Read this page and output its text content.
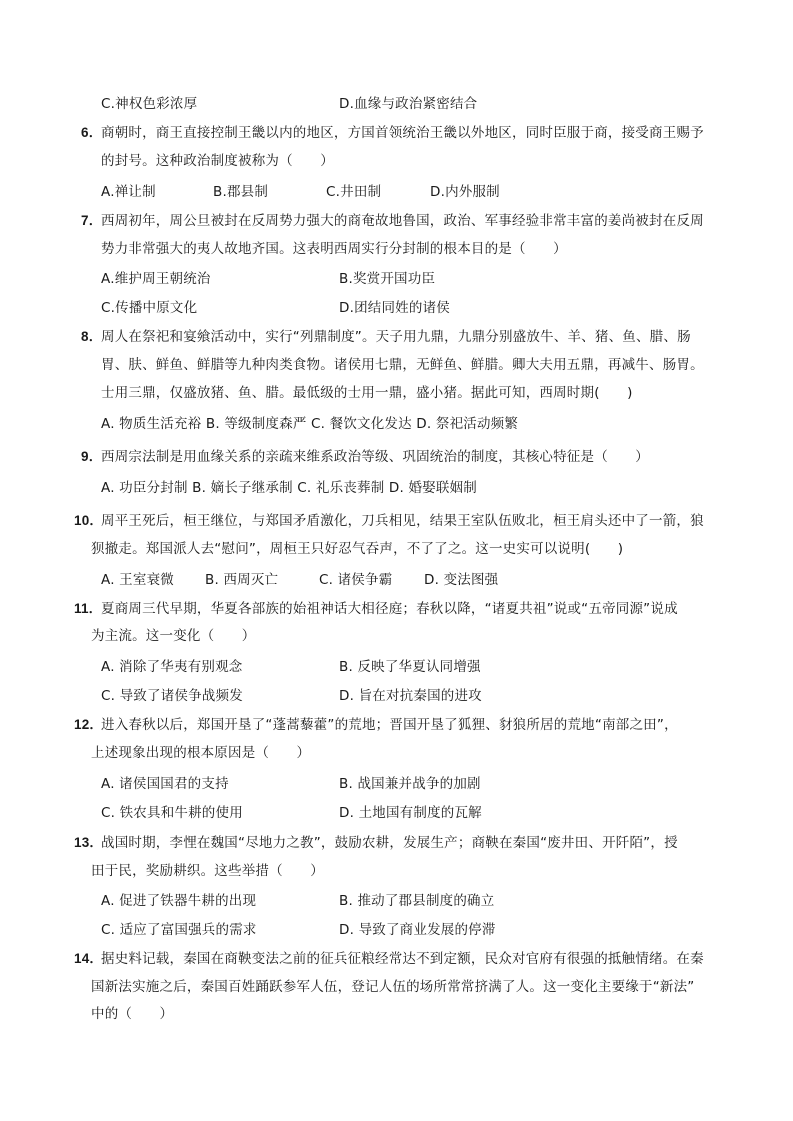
C.神权色彩浓厚	D.血缘与政治紧密结合
6．
商朝时，商王直接控制王畿以内的地区，方国首领统治王畿以外地区，同时臣服于商，接受商王赐予
的封号。这种政治制度被称为（　　）
A.禅让制	B.郡县制	C.井田制	D.内外服制
7．
西周初年，周公旦被封在反周势力强大的商奄故地鲁国，政治、军事经验非常丰富的姜尚被封在反周
势力非常强大的夷人故地齐国。这表明西周实行分封制的根本目的是（　　）
A.维护周王朝统治	B.奖赏开国功臣
C.传播中原文化	D.团结同姓的诸侯
8．
周人在祭祀和宴飨活动中，实行“列鼎制度”。天子用九鼎，九鼎分别盛放牛、羊、猪、鱼、腊、肠
胃、肤、鲜鱼、鲜腊等九种肉类食物。诸侯用七鼎，无鲜鱼、鲜腊。卿大夫用五鼎，再减牛、肠胃。
士用三鼎，仅盛放猪、鱼、腊。最低级的士用一鼎，盛小猪。据此可知，西周时期(　　)
A. 物质生活充裕 B. 等级制度森严 C. 餐饮文化发达 D. 祭祀活动频繁
9．
西周宗法制是用血缘关系的亲疏来维系政治等级、巩固统治的制度，其核心特征是（　　）
A. 功臣分封制 B. 嫡长子继承制 C. 礼乐丧葬制 D. 婚娶联姻制
10．
周平王死后，桓王继位，与郑国矛盾激化，刀兵相见，结果王室队伍败北，桓王肩头还中了一箭，狼
狈撤走。郑国派人去“慰问”，周桓王只好忍气吞声，不了了之。这一史实可以说明(　　)
A. 王室衰微 B. 西周灭亡	C. 诸侯争霸 D. 变法图强
11．
夏商周三代早期，华夏各部族的始祖神话大相径庭；春秋以降，“诸夏共祖”说或“五帝同源”说成
为主流。这一变化（　　）
A. 消除了华夷有别观念	B. 反映了华夏认同增强
C. 导致了诸侯争战频发	D. 旨在对抗秦国的进攻
12．
进入春秋以后，郑国开垦了“蓬蒿藜藿”的荒地；晋国开垦了狐狸、豺狼所居的荒地“南部之田”，
上述现象出现的根本原因是（　　）
A. 诸侯国国君的支持	B. 战国兼并战争的加剧
C. 铁农具和牛耕的使用	D. 土地国有制度的瓦解
13．
战国时期，李悝在魏国“尽地力之教”，鼓励农耕，发展生产；商鞅在秦国“废井田、开阡陌”，授
田于民，奖励耕织。这些举措（　　）
A. 促进了铁器牛耕的出现	B. 推动了郡县制度的确立
C. 适应了富国强兵的需求	D. 导致了商业发展的停滞
14．
据史料记载，秦国在商鞅变法之前的征兵征粮经常达不到定额，民众对官府有很强的抵触情绪。在秦
国新法实施之后，秦国百姓踊跃参军人伍，登记人伍的场所常常挤满了人。这一变化主要缘于“新法”
中的（　　）
